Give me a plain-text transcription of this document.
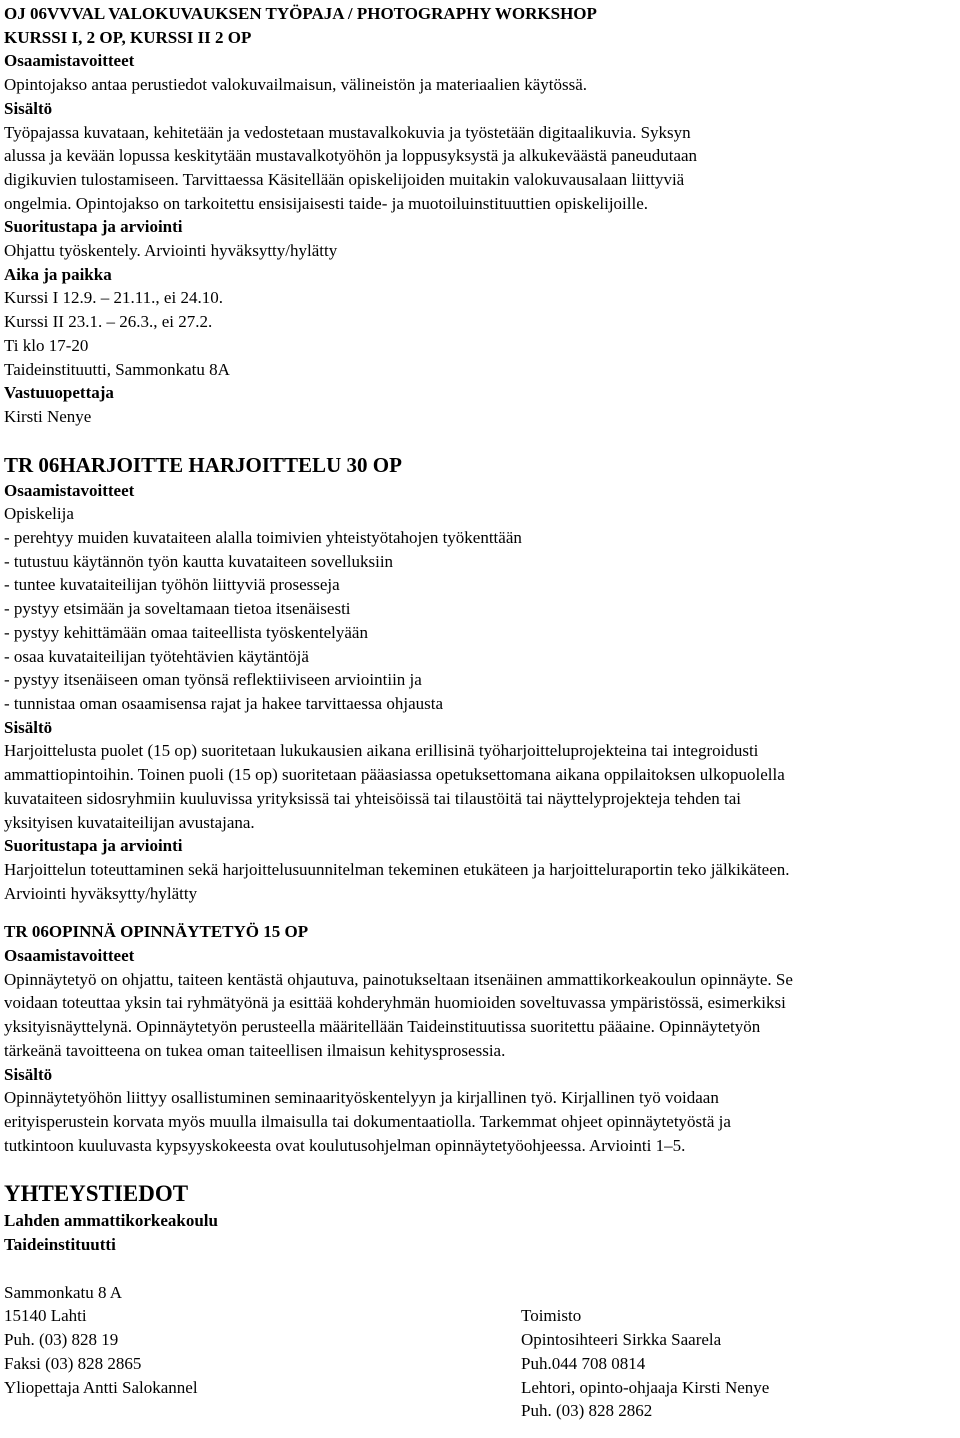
OJ 06VVVAL VALOKUVAUKSEN TYÖPAJA / PHOTOGRAPHY WORKSHOP
KURSSI I, 2 OP, KURSSI II 2 OP
Osaamistavoitteet
Opintojakso antaa perustiedot valokuvailmaisun, välineistön ja materiaalien käytössä.
Sisältö
Työpajassa kuvataan, kehitetään ja vedostetaan mustavalkokuvia ja työstetään digitaalikuvia. Syksyn
alussa ja kevään lopussa keskitytään mustavalkotyöhön ja loppusyksystä ja alkukeväästä paneudutaan
digikuvien tulostamiseen. Tarvittaessa Käsitellään opiskelijoiden muitakin valokuvausalaan liittyviä
ongelmia. Opintojakso on tarkoitettu ensisijaisesti taide- ja muotoiluinstituuttien opiskelijoille.
Suoritustapa ja arviointi
Ohjattu työskentely. Arviointi hyväksytty/hylätty
Aika ja paikka
Kurssi I 12.9. – 21.11., ei 24.10.
Kurssi II 23.1. – 26.3., ei 27.2.
Ti klo 17-20
Taideinstituutti, Sammonkatu 8A
Vastuuopettaja
Kirsti Nenye
TR 06HARJOITTE HARJOITTELU 30 OP
Osaamistavoitteet
Opiskelija
- perehtyy muiden kuvataiteen alalla toimivien yhteistyötahojen työkenttään
- tutustuu käytännön työn kautta kuvataiteen sovelluksiin
- tuntee kuvataiteilijan työhön liittyviä prosesseja
- pystyy etsimään ja soveltamaan tietoa itsenäisesti
- pystyy kehittämään omaa taiteellista työskentelyään
- osaa kuvataiteilijan työtehtävien käytäntöjä
- pystyy itsenäiseen oman työnsä reflektiiviseen arviointiin ja
- tunnistaa oman osaamisensa rajat ja hakee tarvittaessa ohjausta
Sisältö
Harjoittelusta puolet (15 op) suoritetaan lukukausien aikana erillisinä työharjoitteluprojekteina tai integroidusti
ammattiopintoihin. Toinen puoli (15 op) suoritetaan pääasiassa opetuksettomana aikana oppilaitoksen ulkopuolella
kuvataiteen sidosryhmiin kuuluvissa yrityksissä tai yhteisöissä tai tilaustöitä tai näyttelyprojekteja tehden tai
yksityisen kuvataiteilijan avustajana.
Suoritustapa ja arviointi
Harjoittelun toteuttaminen sekä harjoittelusuunnitelman tekeminen etukäteen ja harjoitteluraportin teko jälkikäteen.
Arviointi hyväksytty/hylätty
TR 06OPINNÄ OPINNÄYTETYÖ 15 OP
Osaamistavoitteet
Opinnäytetyö on ohjattu, taiteen kentästä ohjautuva, painotukseltaan itsenäinen ammattikorkeakoulun opinnäyte. Se
voidaan toteuttaa yksin tai ryhmätyönä ja esittää kohderyhmän huomioiden soveltuvassa ympäristössä, esimerkiksi
yksityisnäyttelynä. Opinnäytetyön perusteella määritellään Taideinstituutissa suoritettu pääaine. Opinnäytetyön
tärkeänä tavoitteena on tukea oman taiteellisen ilmaisun kehitysprosessia.
Sisältö
Opinnäytetyöhön liittyy osallistuminen seminaarityöskentelyyn ja kirjallinen työ. Kirjallinen työ voidaan
erityisperustein korvata myös muulla ilmaisulla tai dokumentaatiolla. Tarkemmat ohjeet opinnäytetyöstä ja
tutkintoon kuuluvasta kypsyyskokeesta ovat koulutusohjelman opinnäytetyöohjeessa. Arviointi 1–5.
YHTEYSTIEDOT
Lahden ammattikorkeakoulu
Taideinstituutti
Sammonkatu 8 A
15140 Lahti
Puh. (03) 828 19
Faksi (03) 828 2865
Yliopettaja Antti Salokannel
Toimisto
Opintosihteeri Sirkka Saarela
Puh.044 708 0814
Lehtori, opinto-ohjaaja Kirsti Nenye
Puh. (03) 828 2862
